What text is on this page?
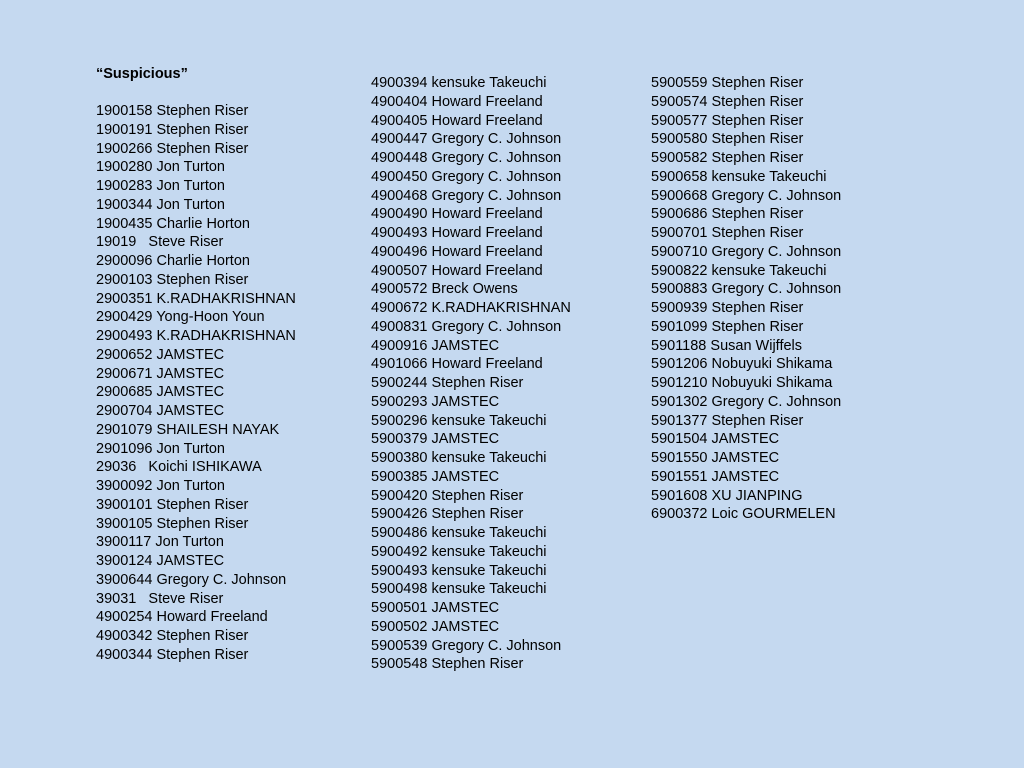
“Suspicious”

1900158 Stephen Riser
1900191 Stephen Riser
1900266 Stephen Riser
1900280 Jon Turton
1900283 Jon Turton
1900344 Jon Turton
1900435 Charlie Horton
19019   Steve Riser
2900096 Charlie Horton
2900103 Stephen Riser
2900351 K.RADHAKRISHNAN
2900429 Yong-Hoon Youn
2900493 K.RADHAKRISHNAN
2900652 JAMSTEC
2900671 JAMSTEC
2900685 JAMSTEC
2900704 JAMSTEC
2901079 SHAILESH NAYAK
2901096 Jon Turton
29036   Koichi ISHIKAWA
3900092 Jon Turton
3900101 Stephen Riser
3900105 Stephen Riser
3900117 Jon Turton
3900124 JAMSTEC
3900644 Gregory C. Johnson
39031   Steve Riser
4900254 Howard Freeland
4900342 Stephen Riser
4900344 Stephen Riser
4900394 kensuke Takeuchi
4900404 Howard Freeland
4900405 Howard Freeland
4900447 Gregory C. Johnson
4900448 Gregory C. Johnson
4900450 Gregory C. Johnson
4900468 Gregory C. Johnson
4900490 Howard Freeland
4900493 Howard Freeland
4900496 Howard Freeland
4900507 Howard Freeland
4900572 Breck Owens
4900672 K.RADHAKRISHNAN
4900831 Gregory C. Johnson
4900916 JAMSTEC
4901066 Howard Freeland
5900244 Stephen Riser
5900293 JAMSTEC
5900296 kensuke Takeuchi
5900379 JAMSTEC
5900380 kensuke Takeuchi
5900385 JAMSTEC
5900420 Stephen Riser
5900426 Stephen Riser
5900486 kensuke Takeuchi
5900492 kensuke Takeuchi
5900493 kensuke Takeuchi
5900498 kensuke Takeuchi
5900501 JAMSTEC
5900502 JAMSTEC
5900539 Gregory C. Johnson
5900548 Stephen Riser
5900559 Stephen Riser
5900574 Stephen Riser
5900577 Stephen Riser
5900580 Stephen Riser
5900582 Stephen Riser
5900658 kensuke Takeuchi
5900668 Gregory C. Johnson
5900686 Stephen Riser
5900701 Stephen Riser
5900710 Gregory C. Johnson
5900822 kensuke Takeuchi
5900883 Gregory C. Johnson
5900939 Stephen Riser
5901099 Stephen Riser
5901188 Susan Wijffels
5901206 Nobuyuki Shikama
5901210 Nobuyuki Shikama
5901302 Gregory C. Johnson
5901377 Stephen Riser
5901504 JAMSTEC
5901550 JAMSTEC
5901551 JAMSTEC
5901608 XU JIANPING
6900372 Loic GOURMELEN
